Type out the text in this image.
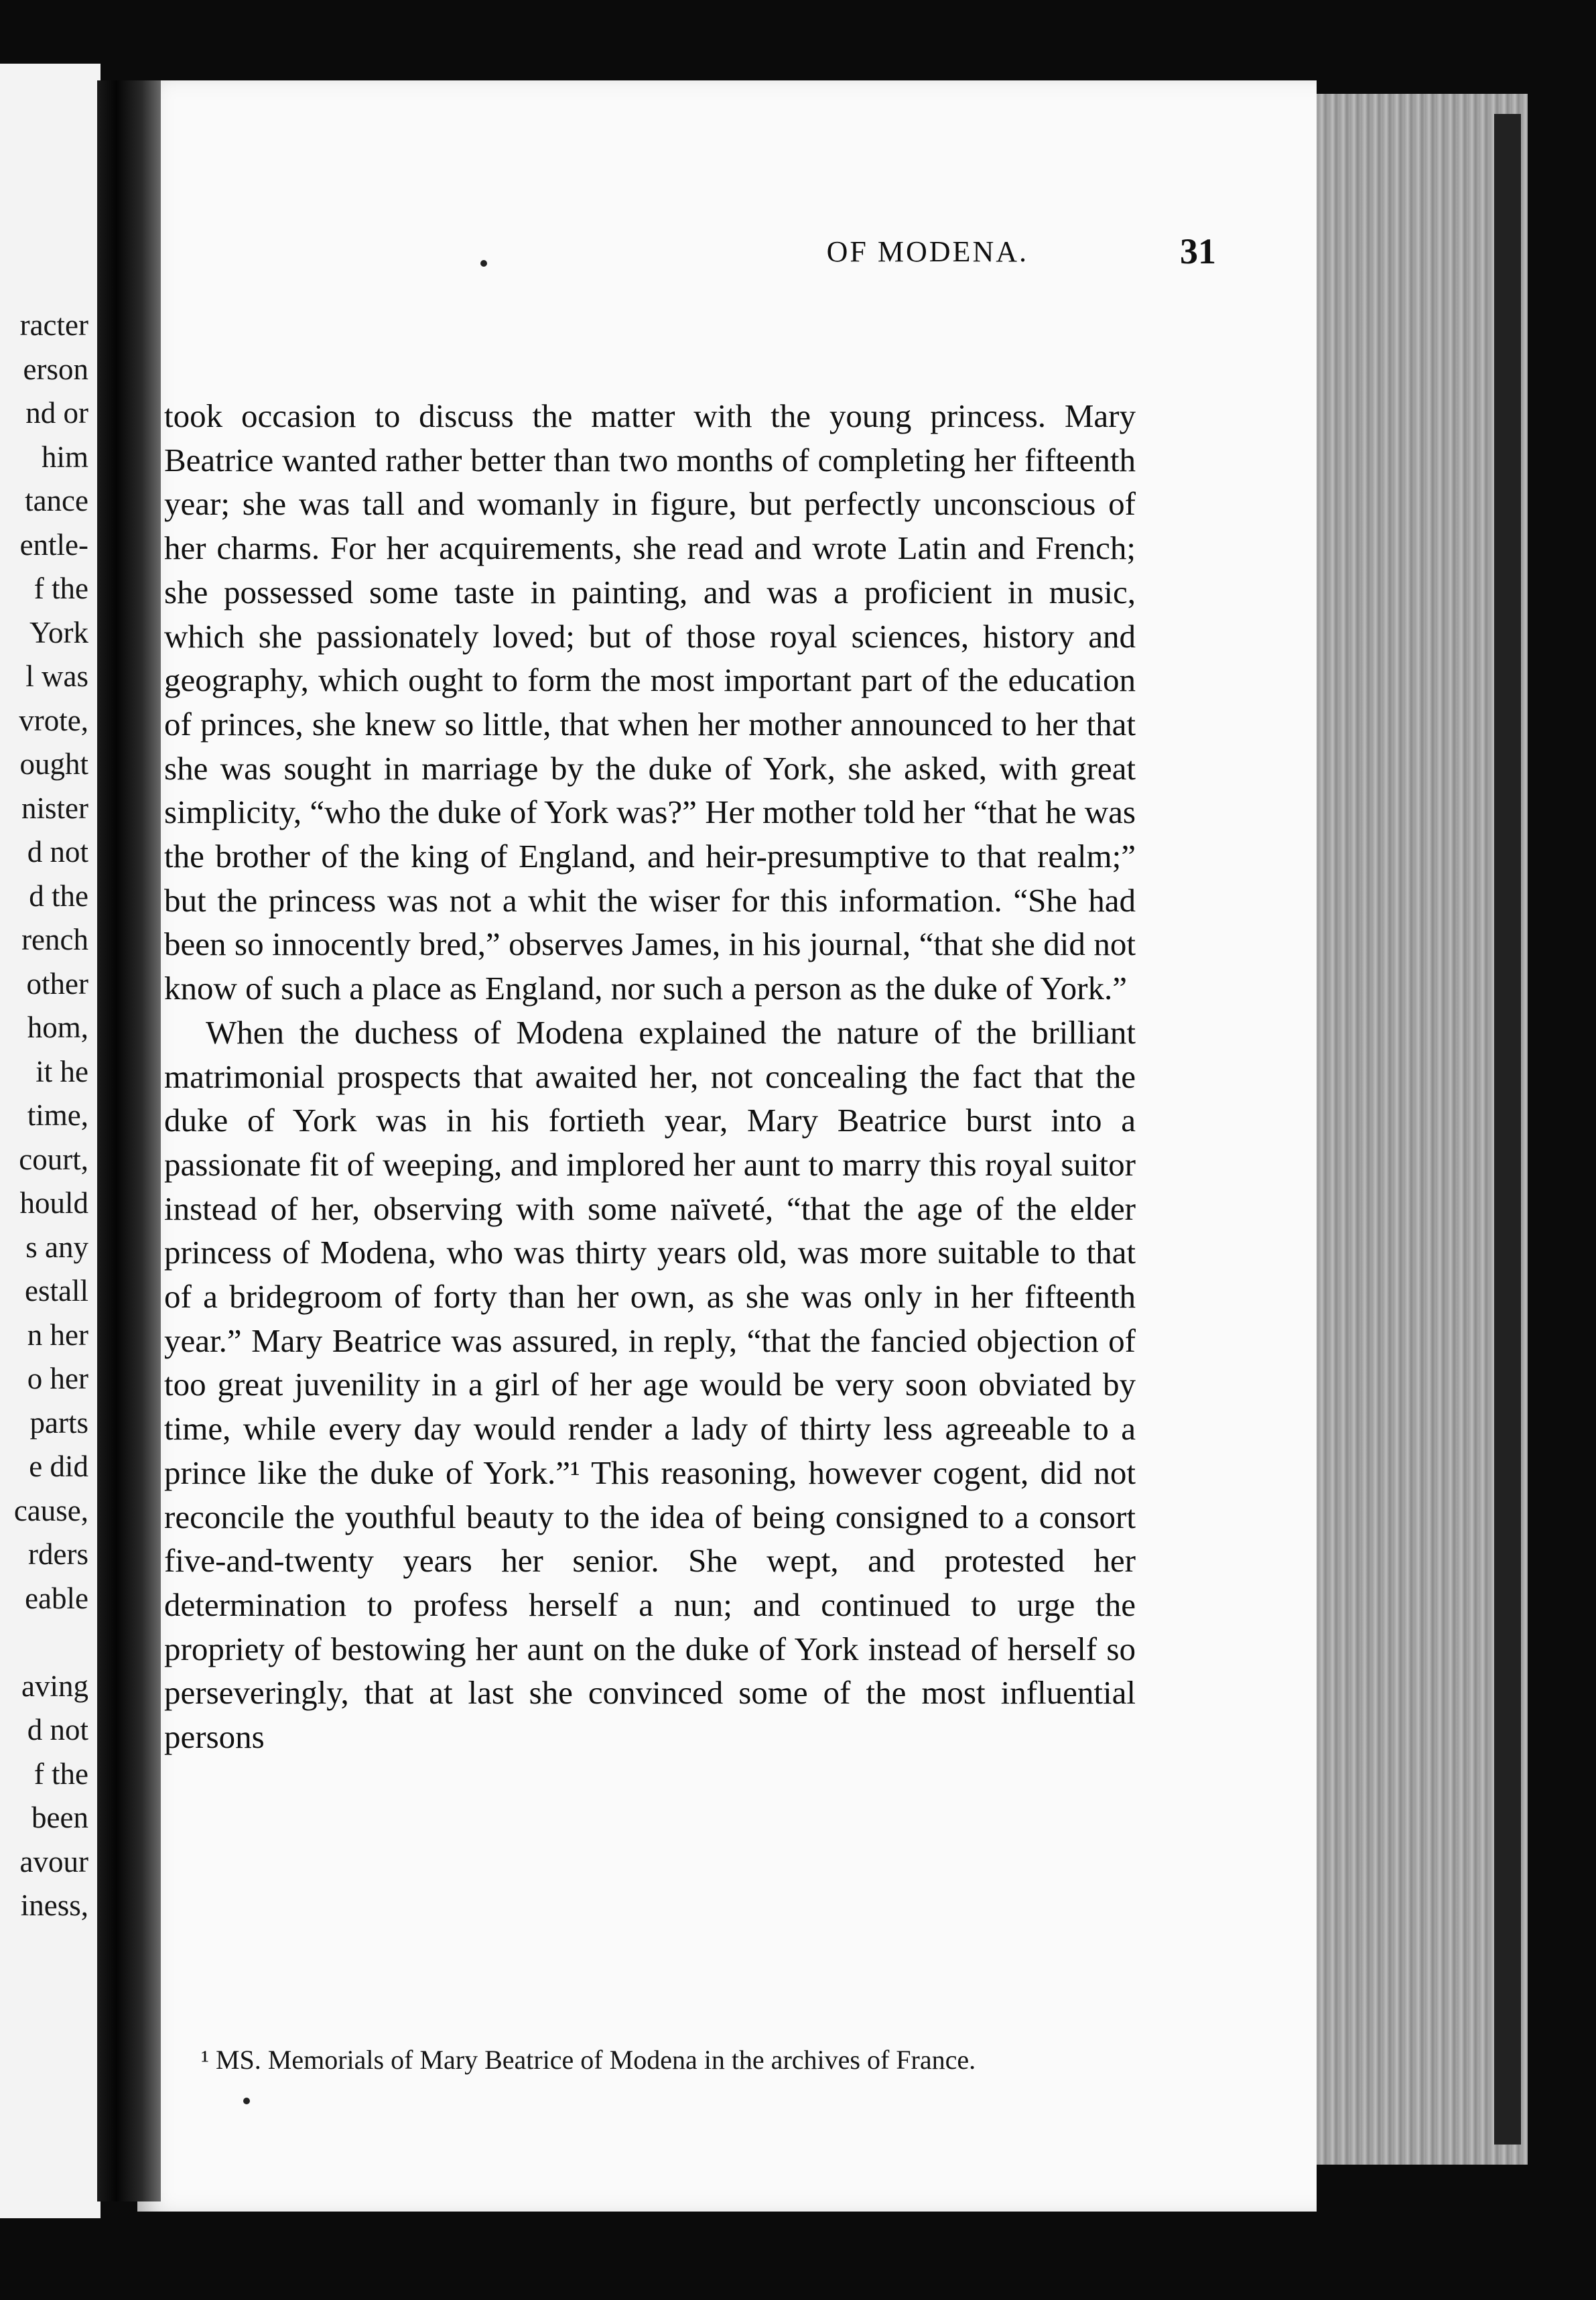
racter
erson
nd or
him
tance
entle-
f the
York
l was
vrote,
ought
nister
d not
d the
rench
other
hom,
it he
time,
court,
hould
s any
estall
n her
o her
parts
e did
cause,
rders
eable
aving
d not
f the
been
avour
iness,
OF MODENA.	31

took occasion to discuss the matter with the young princess. Mary Beatrice wanted rather better than two months of completing her fifteenth year; she was tall and womanly in figure, but perfectly unconscious of her charms. For her acquirements, she read and wrote Latin and French; she possessed some taste in painting, and was a proficient in music, which she passionately loved; but of those royal sciences, history and geography, which ought to form the most important part of the education of princes, she knew so little, that when her mother announced to her that she was sought in marriage by the duke of York, she asked, with great simplicity, “who the duke of York was?” Her mother told her “that he was the brother of the king of England, and heir-presumptive to that realm;” but the princess was not a whit the wiser for this information. “She had been so innocently bred,” observes James, in his journal, “that she did not know of such a place as England, nor such a person as the duke of York.”

When the duchess of Modena explained the nature of the brilliant matrimonial prospects that awaited her, not concealing the fact that the duke of York was in his fortieth year, Mary Beatrice burst into a passionate fit of weeping, and implored her aunt to marry this royal suitor instead of her, observing with some naïveté, “that the age of the elder princess of Modena, who was thirty years old, was more suitable to that of a bridegroom of forty than her own, as she was only in her fifteenth year.” Mary Beatrice was assured, in reply, “that the fancied objection of too great juvenility in a girl of her age would be very soon obviated by time, while every day would render a lady of thirty less agreeable to a prince like the duke of York.”¹ This reasoning, however cogent, did not reconcile the youthful beauty to the idea of being consigned to a consort five-and-twenty years her senior. She wept, and protested her determination to profess herself a nun; and continued to urge the propriety of bestowing her aunt on the duke of York instead of herself so perseveringly, that at last she convinced some of the most influential persons

¹ MS. Memorials of Mary Beatrice of Modena in the archives of France.
